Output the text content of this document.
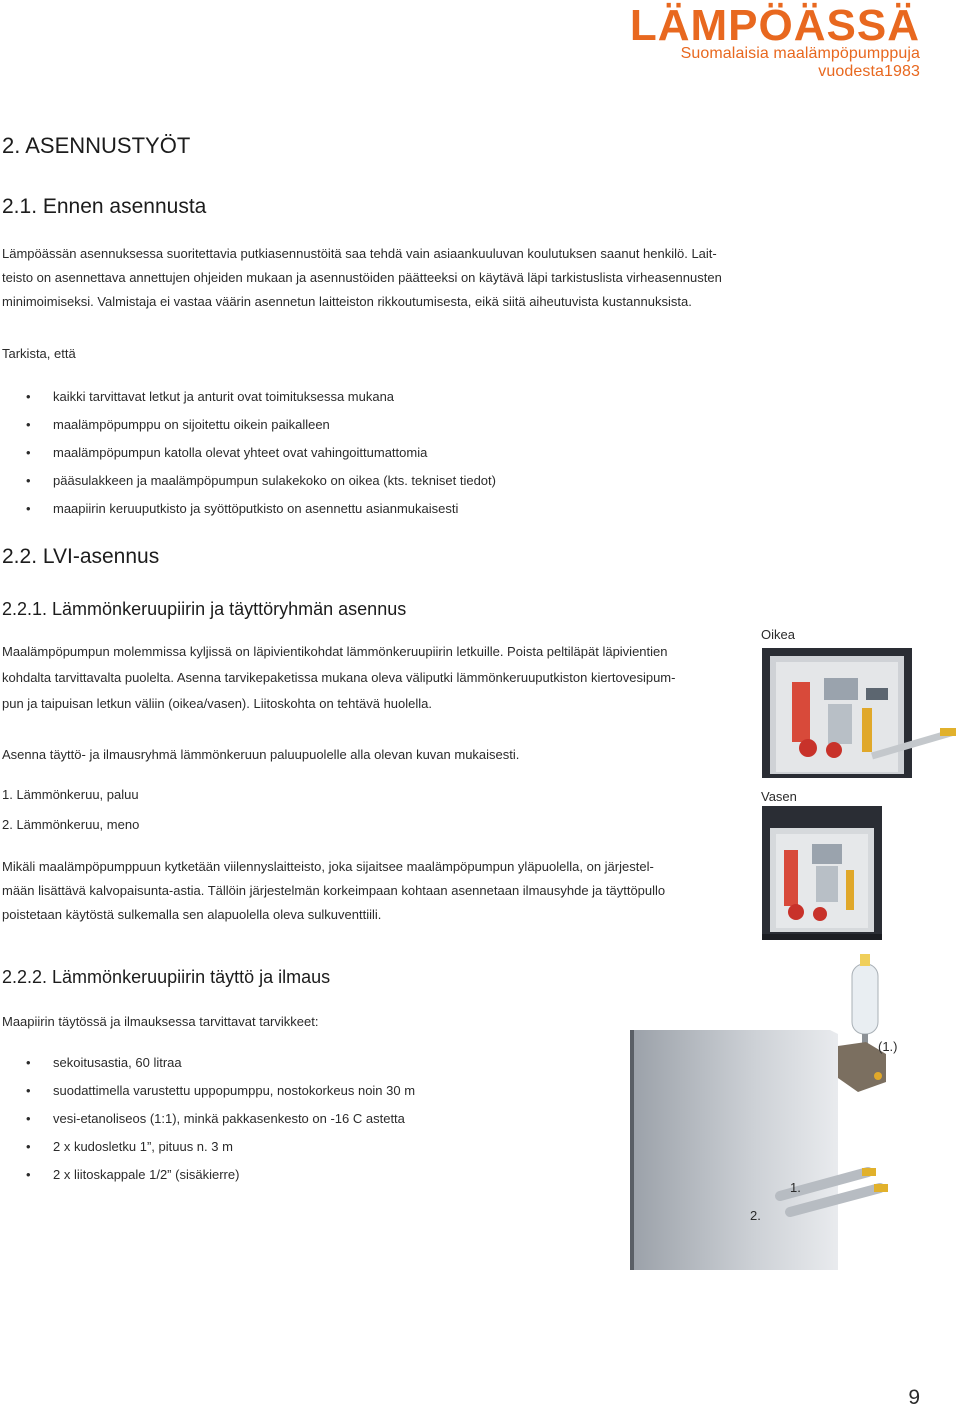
LÄMPÖÄSSÄ
Suomalaisia maalämpöpumppuja vuodesta1983
2. ASENNUSTYÖT
2.1. Ennen asennusta
Lämpöässän asennuksessa suoritettavia putkiasennustöitä saa tehdä vain asiaankuuluvan koulutuksen saanut henkilö. Lait-
teisto on asennettava annettujen ohjeiden mukaan ja asennustöiden päätteeksi on käytävä läpi tarkistuslista virheasennusten
minimoimiseksi. Valmistaja ei vastaa väärin asennetun laitteiston rikkoutumisesta, eikä siitä aiheutuvista kustannuksista.
Tarkista, että
• kaikki tarvittavat letkut ja anturit ovat toimituksessa mukana
• maalämpöpumppu on sijoitettu oikein paikalleen
• maalämpöpumpun katolla olevat yhteet ovat vahingoittumattomia
• pääsulakkeen ja maalämpöpumpun sulakekoko on oikea (kts. tekniset tiedot)
• maapiirin keruuputkisto ja syöttöputkisto on asennettu asianmukaisesti
2.2. LVI-asennus
2.2.1. Lämmönkeruupiirin ja täyttöryhmän asennus
Maalämpöpumpun molemmissa kyljissä on läpivientikohdat lämmönkeruupiirin letkuille. Poista peltiläpät läpivientien
kohdalta tarvittavalta puolelta. Asenna tarvikepaketissa mukana oleva väliputki lämmönkeruuputkiston kiertovesipum-
pun ja taipuisan letkun väliin (oikea/vasen). Liitoskohta on tehtävä huolella.
Asenna täyttö- ja ilmausryhmä lämmönkeruun paluupuolelle alla olevan kuvan mukaisesti.
1. Lämmönkeruu, paluu
2. Lämmönkeruu, meno
Mikäli maalämpöpumppuun kytketään viilennyslaitteisto, joka sijaitsee maalämpöpumpun yläpuolella, on järjestel-
mään lisättävä kalvopaisunta-astia. Tällöin järjestelmän korkeimpaan kohtaan asennetaan ilmausyhde ja täyttöpullo
poistetaan käytöstä sulkemalla sen alapuolella oleva sulkuventtiili.
2.2.2. Lämmönkeruupiirin täyttö ja ilmaus
Maapiirin täytössä ja ilmauksessa tarvittavat tarvikkeet:
• sekoitusastia, 60 litraa
• suodattimella varustettu uppopumppu, nostokorkeus noin 30 m
• vesi-etanoliseos (1:1), minkä pakkasenkesto on -16 C astetta
• 2 x kudosletku 1”, pituus n. 3 m
• 2 x liitoskappale 1/2” (sisäkierre)
Oikea
Vasen
(1.)
1.
2.
9
